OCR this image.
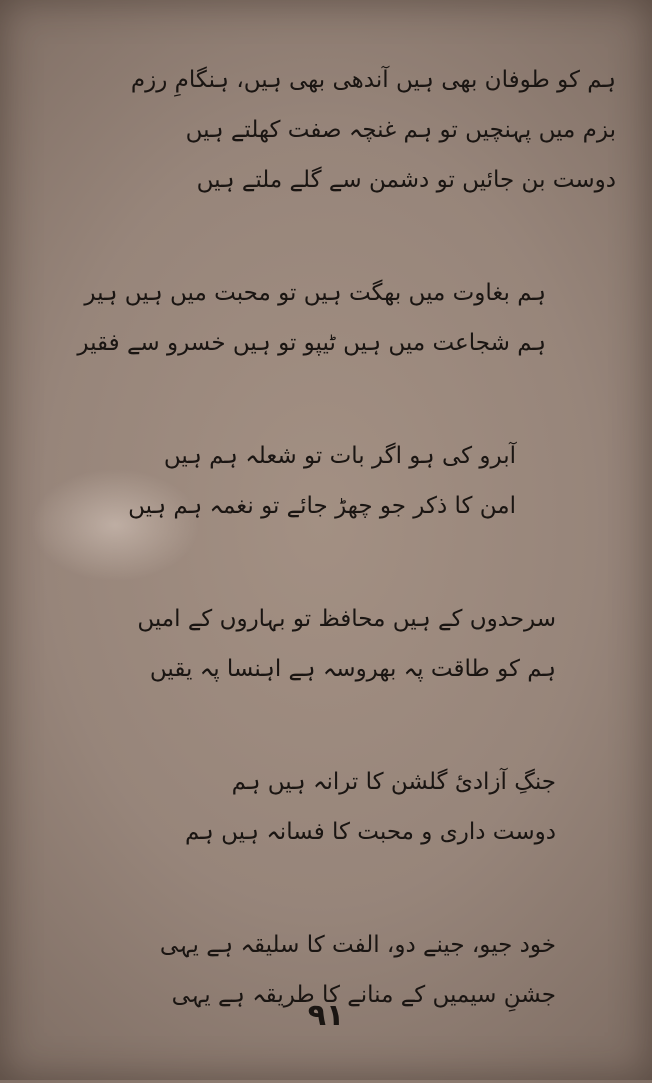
ہم کو طوفان بھی ہیں آندھی بھی ہیں، ہنگامِ رزم
بزم میں پہنچیں تو ہم غنچہ صفت کھلتے ہیں
دوست بن جائیں تو دشمن سے گلے ملتے ہیں
ہم بغاوت میں بھگت ہیں تو محبت میں ہیں ہیر
ہم شجاعت میں ہیں ٹیپو تو ہیں خسرو سے فقیر
آبرو کی ہو اگر بات تو شعلہ ہم ہیں
امن کا ذکر جو چھڑ جائے تو نغمہ ہم ہیں
سرحدوں کے ہیں محافظ تو بہاروں کے امیں
ہم کو طاقت پہ بھروسہ ہے اہنسا پہ یقیں
جنگِ آزادیٔ گلشن کا ترانہ ہیں ہم
دوست داری و محبت کا فسانہ ہیں ہم
خود جیو، جینے دو، الفت کا سلیقہ ہے یہی
جشنِ سیمیں کے منانے کا طریقہ ہے یہی
۹۱
